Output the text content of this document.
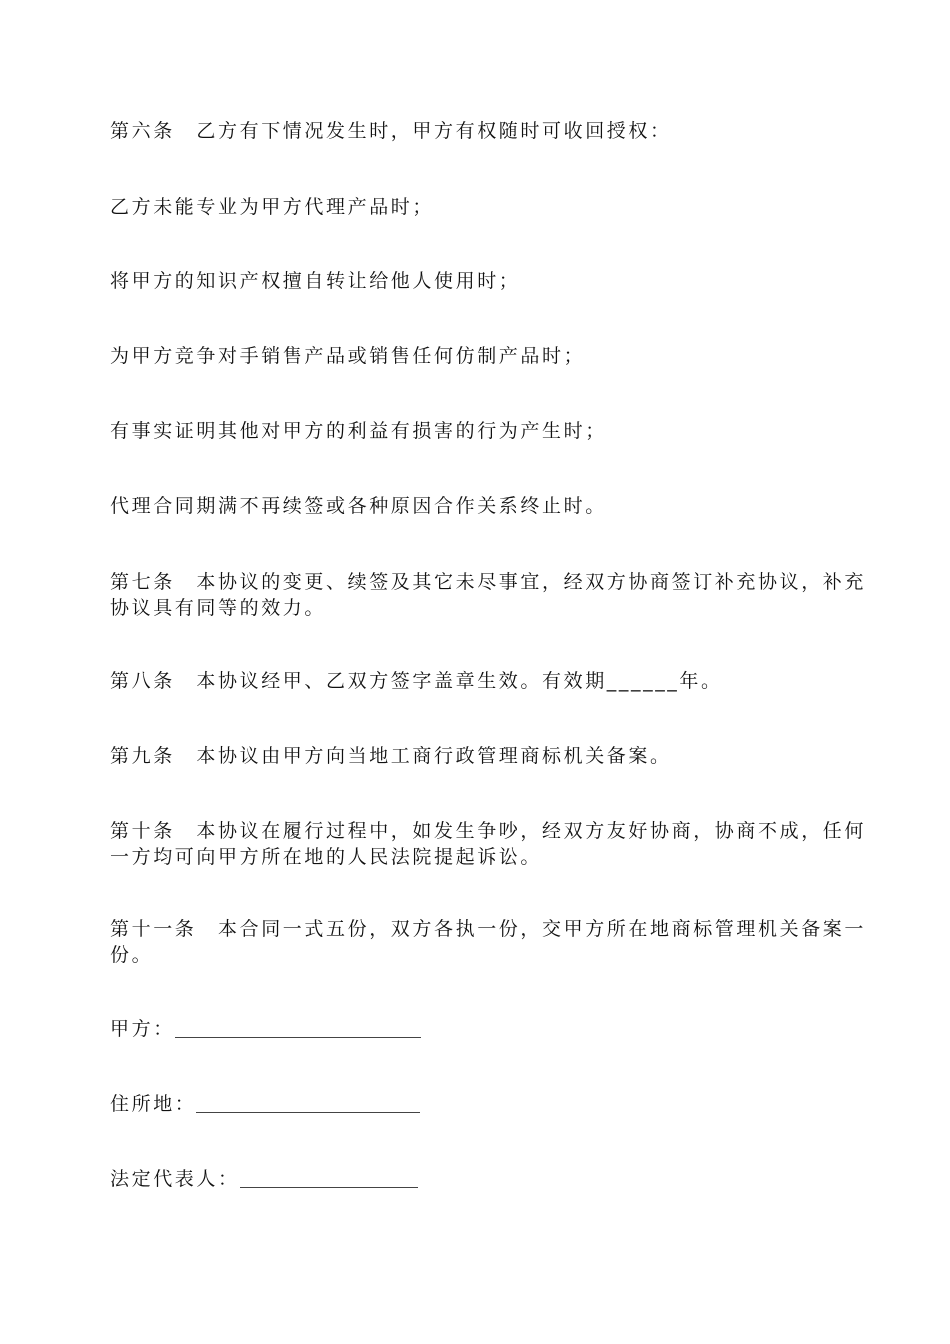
第六条　乙方有下情况发生时，甲方有权随时可收回授权：

乙方未能专业为甲方代理产品时；

将甲方的知识产权擅自转让给他人使用时；

为甲方竞争对手销售产品或销售任何仿制产品时；

有事实证明其他对甲方的利益有损害的行为产生时；

代理合同期满不再续签或各种原因合作关系终止时。

第七条　本协议的变更、续签及其它未尽事宜，经双方协商签订补充协议，补充协议具有同等的效力。

第八条　本协议经甲、乙双方签字盖章生效。有效期______年。

第九条　本协议由甲方向当地工商行政管理商标机关备案。

第十条　本协议在履行过程中，如发生争吵，经双方友好协商，协商不成，任何一方均可向甲方所在地的人民法院提起诉讼。

第十一条　本合同一式五份，双方各执一份，交甲方所在地商标管理机关备案一份。

甲方：

住所地：

法定代表人：
